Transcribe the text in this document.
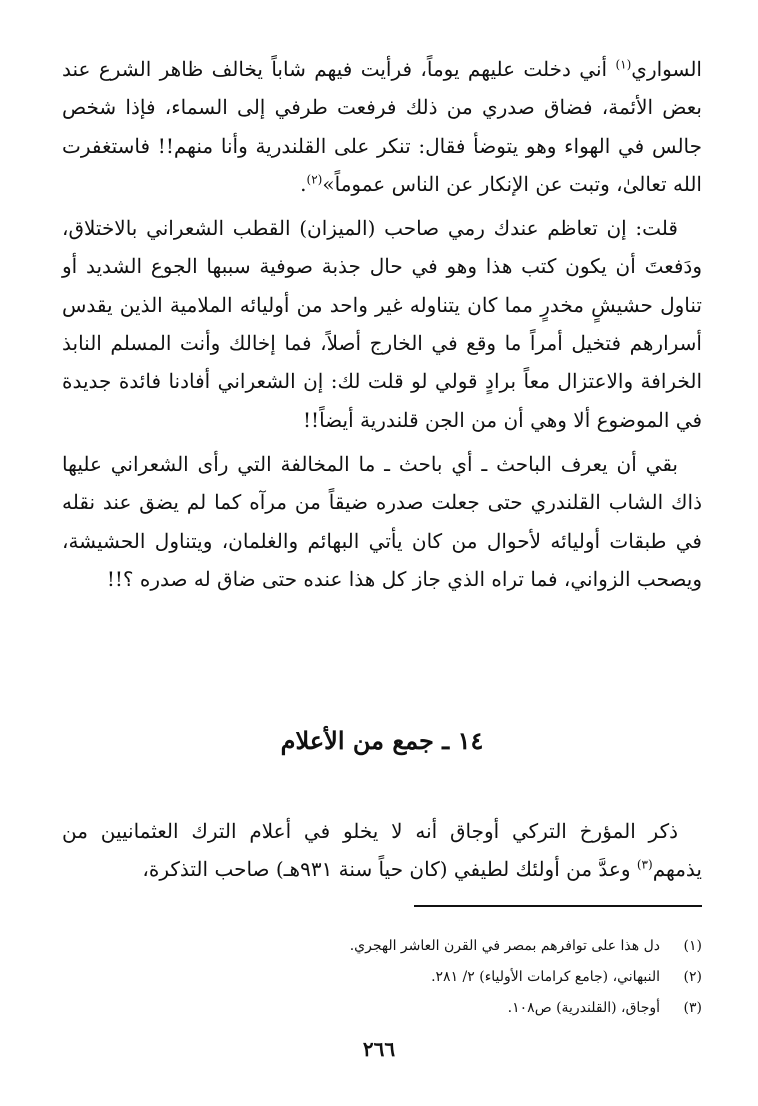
السواري$^{(١)}$ أني دخلت عليهم يوماً، فرأيت فيهم شاباً يخالف ظاهر الشرع عند بعض الأئمة، فضاق صدري من ذلك فرفعت طرفي إلى السماء، فإذا شخص جالس في الهواء وهو يتوضأ فقال: تنكر على القلندرية وأنا منهم!! فاستغفرت الله تعالىٰ، وتبت عن الإنكار عن الناس عموماً»$^{(٢)}$.

قلت: إن تعاظم عندك رمي صاحب (الميزان) القطب الشعراني بالاختلاق، ودَفعتَ أن يكون كتب هذا وهو في حال جذبة صوفية سببها الجوع الشديد أو تناول حشيشٍ مخدرٍ مما كان يتناوله غير واحد من أوليائه الملامية الذين يقدس أسرارهم فتخيل أمراً ما وقع في الخارج أصلاً، فما إخالك وأنت المسلم النابذ الخرافة والاعتزال معاً برادٍ قولي لو قلت لك: إن الشعراني أفادنا فائدة جديدة في الموضوع ألا وهي أن من الجن قلندرية أيضاً!!

بقي أن يعرف الباحث ـ أي باحث ـ ما المخالفة التي رأى الشعراني عليها ذاك الشاب القلندري حتى جعلت صدره ضيقاً من مرآه كما لم يضق عند نقله في طبقات أوليائه لأحوال من كان يأتي البهائم والغلمان، ويتناول الحشيشة، ويصحب الزواني، فما تراه الذي جاز كل هذا عنده حتى ضاق له صدره ؟!!

١٤ ـ جمع من الأعلام

ذكر المؤرخ التركي أوجاق أنه لا يخلو في أعلام الترك العثمانيين من يذمهم$^{(٣)}$ وعدَّ من أولئك لطيفي (كان حياً سنة ٩٣١هـ) صاحب التذكرة،

(١)
دل هذا على توافرهم بمصر في القرن العاشر الهجري.
(٢)
النبهاني، (جامع كرامات الأولياء) ٢/ ٢٨١.
(٣)
أوجاق، (القلندرية) ص١٠٨.

٢٦٦
